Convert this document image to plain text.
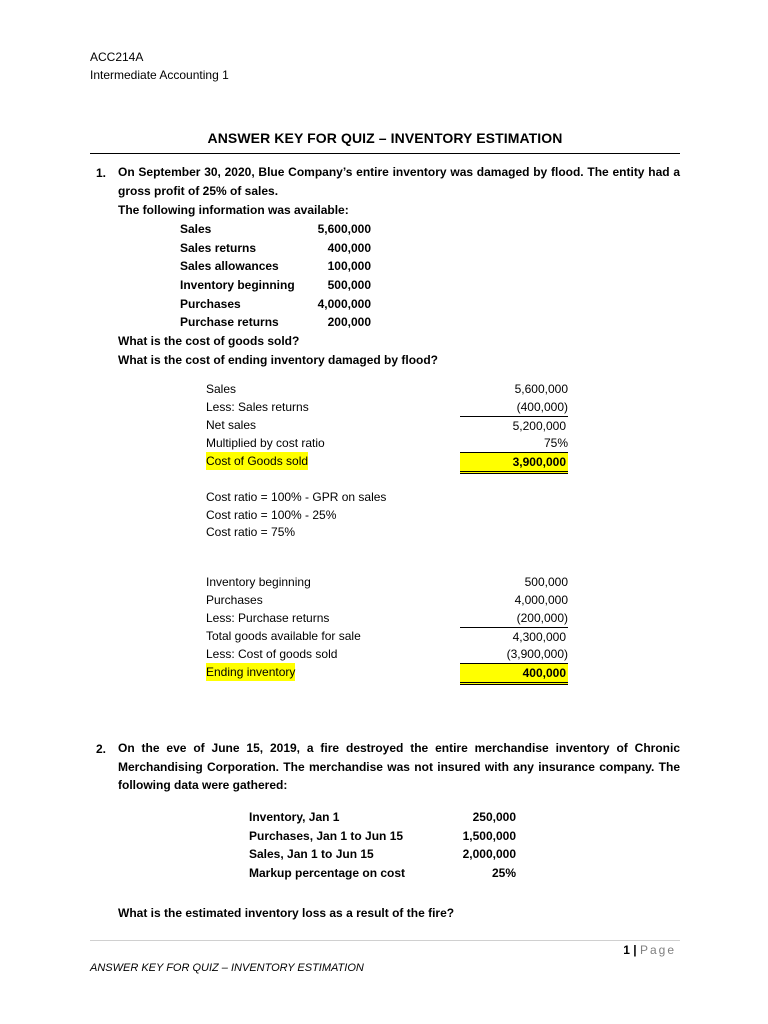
ACC214A
Intermediate Accounting 1
ANSWER KEY FOR QUIZ – INVENTORY ESTIMATION
1. On September 30, 2020, Blue Company’s entire inventory was damaged by flood. The entity had a gross profit of 25% of sales.
The following information was available:
Sales	5,600,000
Sales returns	400,000
Sales allowances	100,000
Inventory beginning	500,000
Purchases	4,000,000
Purchase returns	200,000
What is the cost of goods sold?
What is the cost of ending inventory damaged by flood?
Sales	5,600,000
Less: Sales returns	(400,000)
Net sales	5,200,000
Multiplied by cost ratio	75%
Cost of Goods sold	3,900,000
Cost ratio = 100% - GPR on sales
Cost ratio = 100% - 25%
Cost ratio = 75%
Inventory beginning	500,000
Purchases	4,000,000
Less: Purchase returns	(200,000)
Total goods available for sale	4,300,000
Less: Cost of goods sold	(3,900,000)
Ending inventory	400,000
2. On the eve of June 15, 2019, a fire destroyed the entire merchandise inventory of Chronic Merchandising Corporation. The merchandise was not insured with any insurance company. The following data were gathered:
Inventory, Jan 1	250,000
Purchases, Jan 1 to Jun 15	1,500,000
Sales, Jan 1 to Jun 15	2,000,000
Markup percentage on cost	25%
What is the estimated inventory loss as a result of the fire?
1 | Page
ANSWER KEY FOR QUIZ – INVENTORY ESTIMATION
